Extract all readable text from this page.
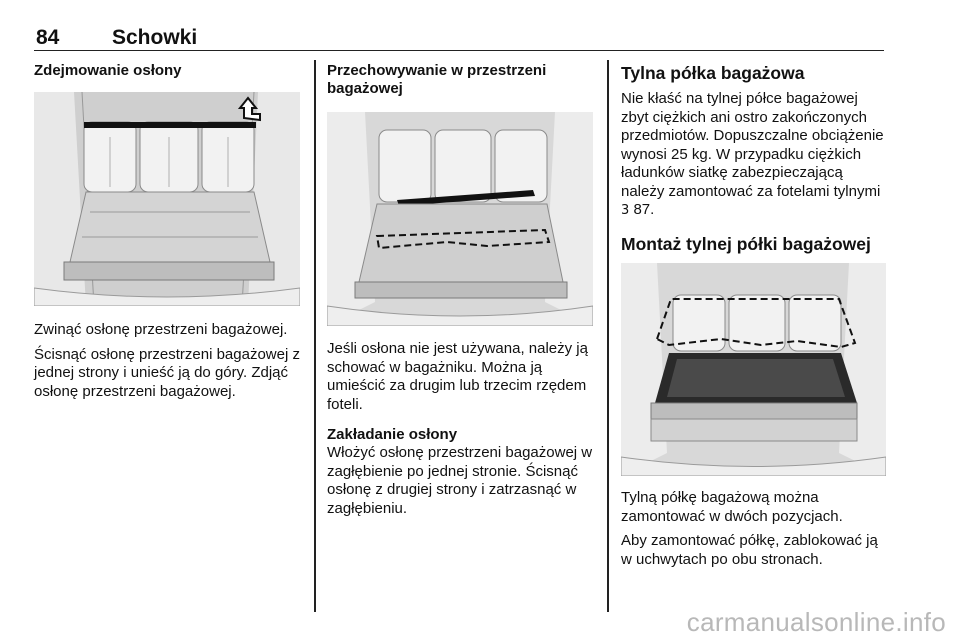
84	Schowki
Zdejmowanie osłony

Zwinąć osłonę przestrzeni bagażowej.

Ścisnąć osłonę przestrzeni bagażowej z jednej strony i unieść ją do góry. Zdjąć osłonę przestrzeni bagażowej.

Przechowywanie w przestrzeni bagażowej

Jeśli osłona nie jest używana, należy ją schować w bagażniku. Można ją umieścić za drugim lub trzecim rzędem foteli.

Zakładanie osłony

Włożyć osłonę przestrzeni bagażowej w zagłębienie po jednej stronie. Ścisnąć osłonę z drugiej strony i zatrzasnąć w zagłębieniu.

Tylna półka bagażowa

Nie kłaść na tylnej półce bagażowej zbyt ciężkich ani ostro zakończonych przedmiotów. Dopuszczalne obciążenie wynosi 25 kg. W przypadku ciężkich ładunków siatkę zabezpieczającą należy zamontować za fotelami tylnymi 3 87.

Montaż tylnej półki bagażowej

Tylną półkę bagażową można zamontować w dwóch pozycjach.

Aby zamontować półkę, zablokować ją w uchwytach po obu stronach.

carmanualsonline.info
